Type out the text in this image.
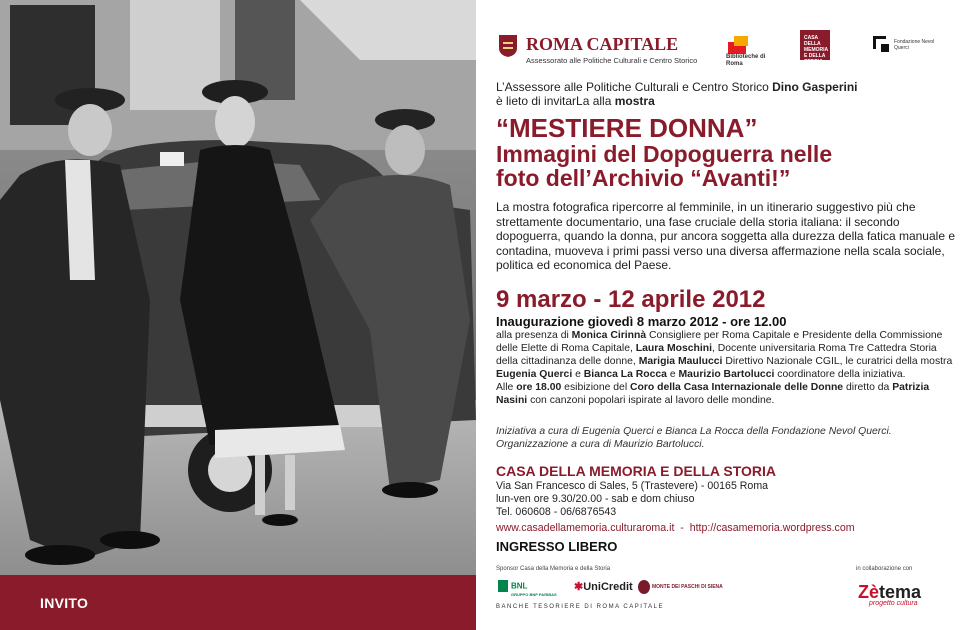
INVITO
ROMA CAPITALE
Assessorato alle Politiche Culturali e Centro Storico	Biblioteche di Roma
CASA DELLA MEMORIA E DELLA STORIA
Fondazione Nevol Querci
L’Assessore alle Politiche Culturali e Centro Storico Dino Gasperini
è lieto di invitarLa alla mostra
“MESTIERE DONNA”
Immagini del Dopoguerra nelle
foto dell’Archivio “Avanti!”
La mostra fotografica ripercorre al femminile, in un itinerario suggestivo più che strettamente documentario, una fase cruciale della storia italiana: il secondo dopoguerra, quando la donna, pur ancora soggetta alla durezza della fatica manuale e contadina, muoveva i primi passi verso una diversa affermazione nella scala sociale, politica ed economica del Paese.
9 marzo - 12 aprile 2012
Inaugurazione giovedì 8 marzo 2012 - ore 12.00
alla presenza di Monica Cirinnà Consigliere per Roma Capitale e Presidente della Commissione delle Elette di Roma Capitale, Laura Moschini, Docente universitaria Roma Tre Cattedra Storia della cittadinanza delle donne, Marigia Maulucci Direttivo Nazionale CGIL, le curatrici della mostra Eugenia Querci e Bianca La Rocca e Maurizio Bartolucci coordinatore della iniziativa.
Alle ore 18.00 esibizione del Coro della Casa Internazionale delle Donne diretto da Patrizia Nasini con canzoni popolari ispirate al lavoro delle mondine.
Iniziativa a cura di Eugenia Querci e Bianca La Rocca della Fondazione Nevol Querci.
Organizzazione a cura di Maurizio Bartolucci.
CASA DELLA MEMORIA E DELLA STORIA
Via San Francesco di Sales, 5 (Trastevere) - 00165 Roma
lun-ven ore 9.30/20.00 - sab e dom chiuso
Tel. 060608 - 06/6876543
www.casadellamemoria.culturaroma.it  -  http://casamemoria.wordpress.com
INGRESSO LIBERO
Sponsor Casa della Memoria e della Storia	in collaborazione con
BNL
GRUPPO BNP PARIBAS
✱UniCredit	MONTE DEI PASCHI DI SIENA
BANCHE TESORIERE DI ROMA CAPITALE
Zètema
progetto cultura
